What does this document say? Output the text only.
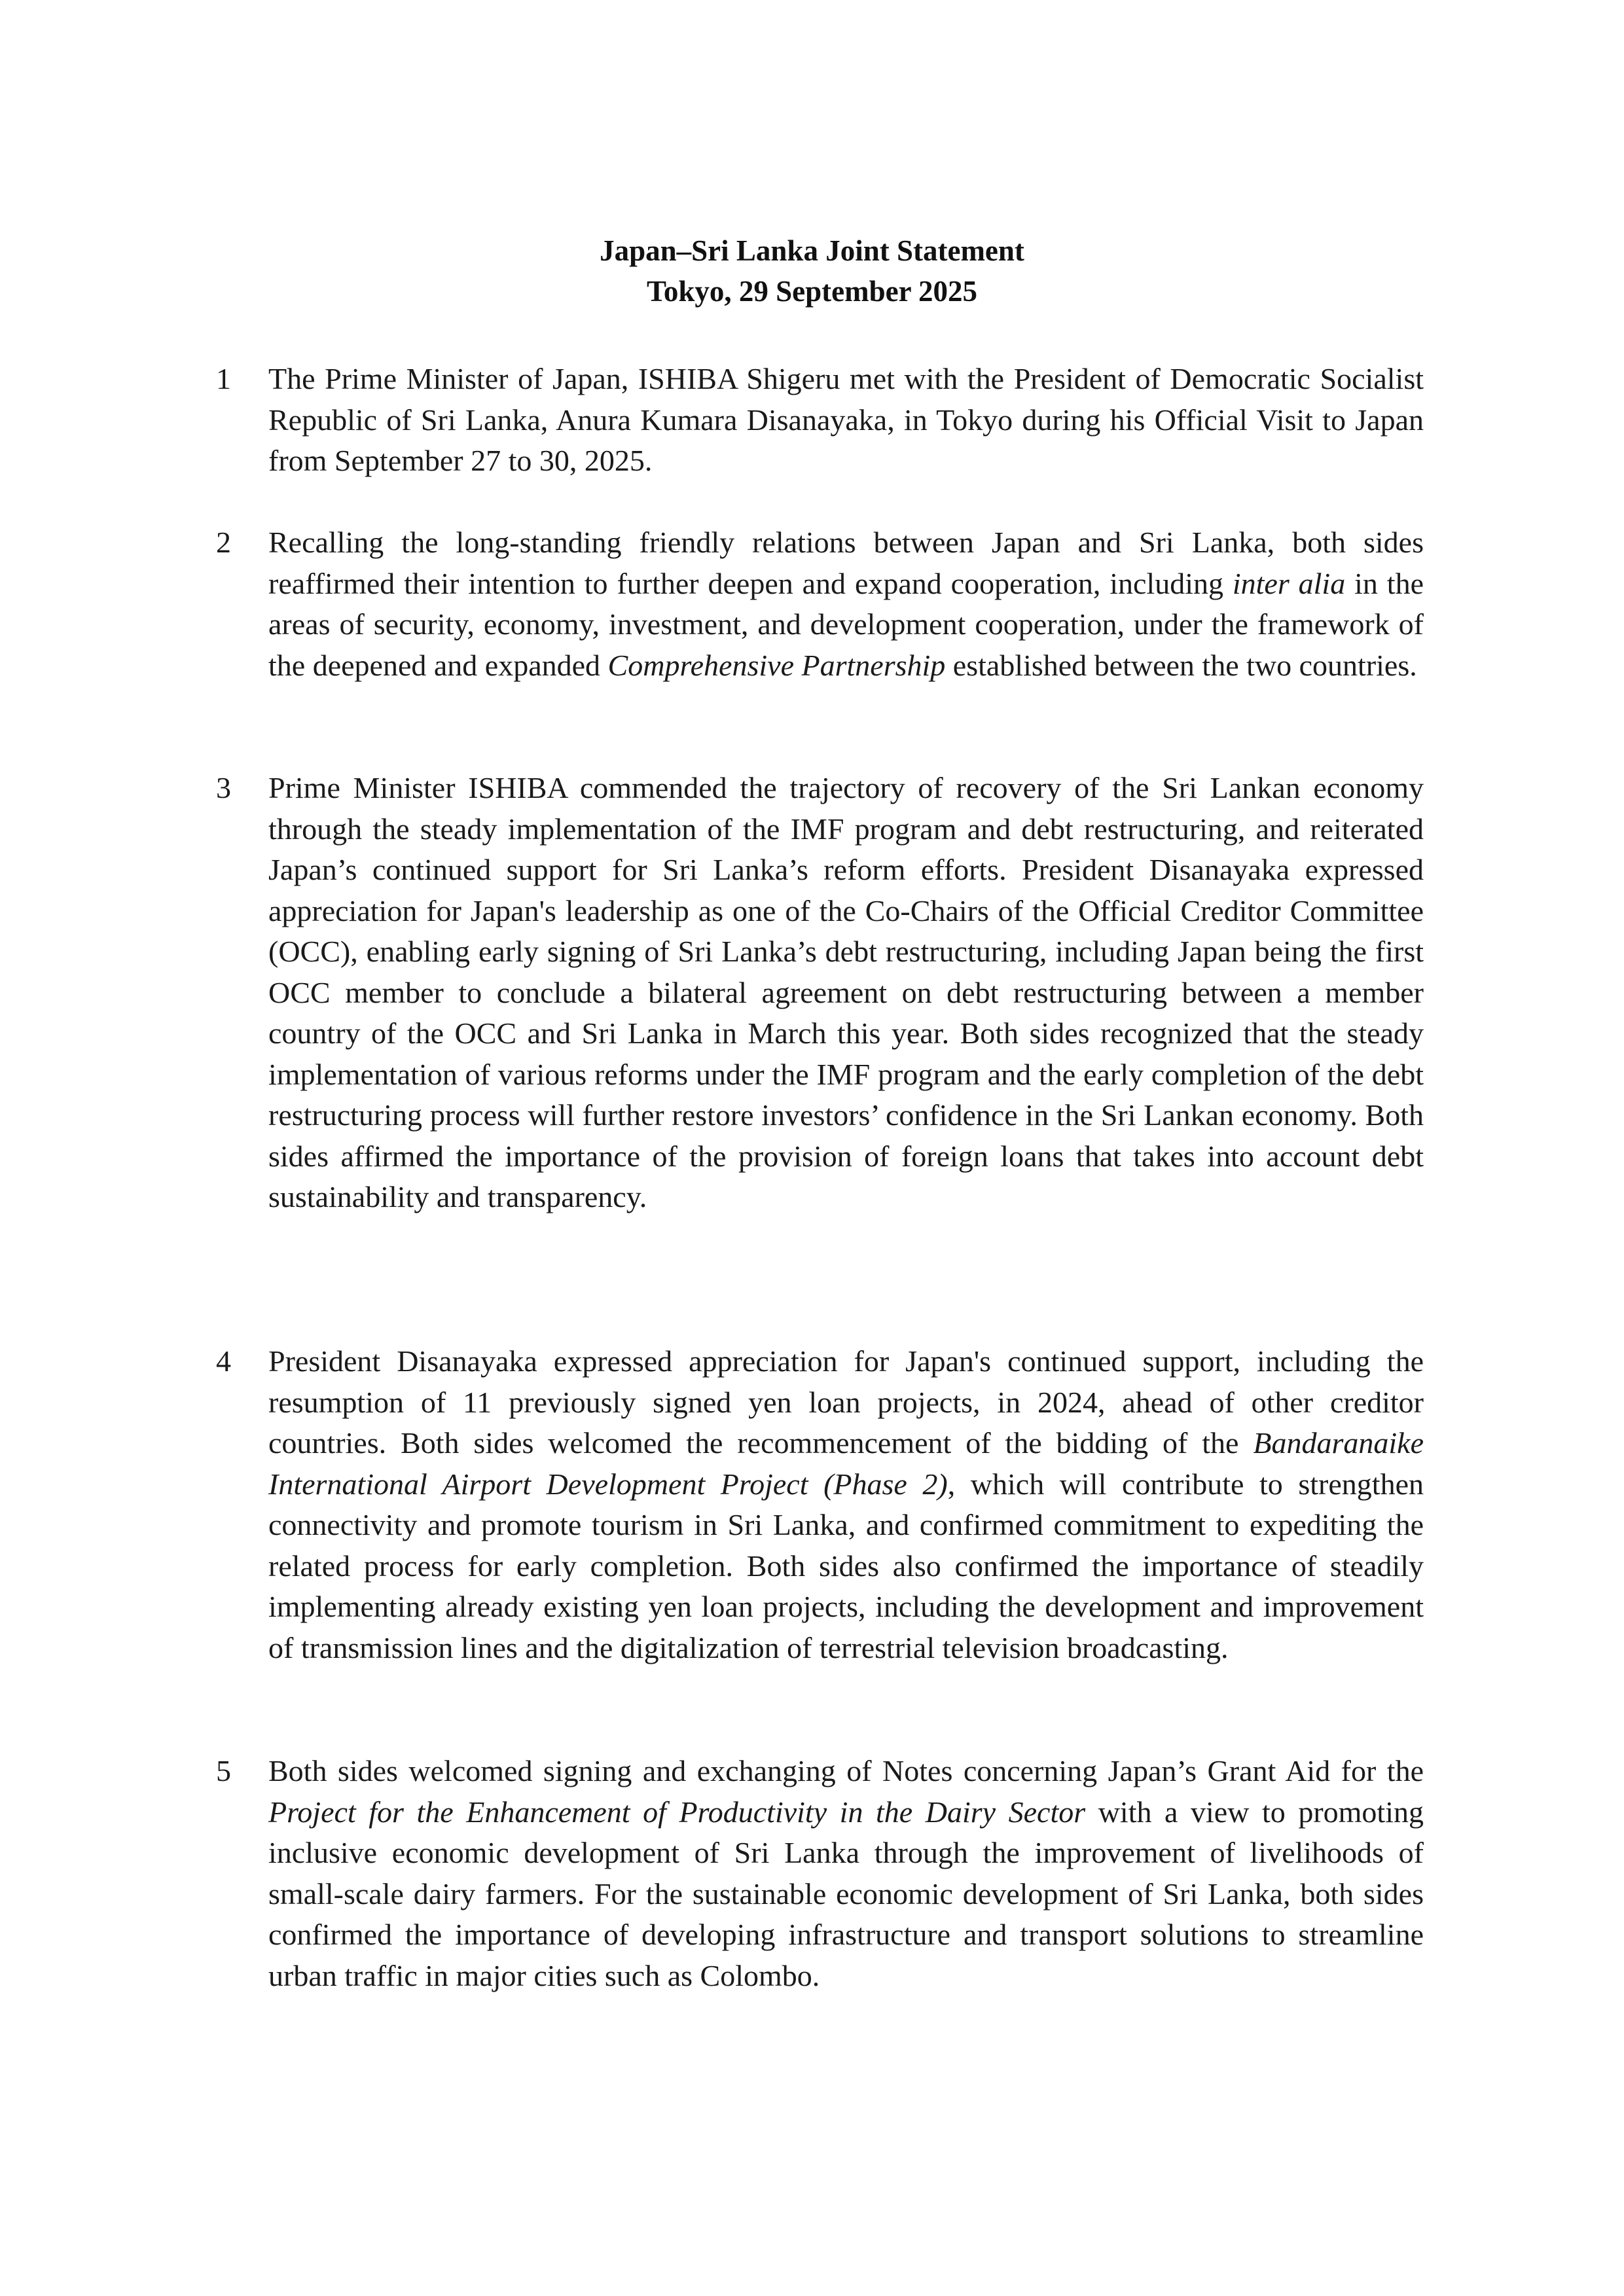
Japan–Sri Lanka Joint Statement
Tokyo, 29 September 2025
1	The Prime Minister of Japan, ISHIBA Shigeru met with the President of Democratic Socialist Republic of Sri Lanka, Anura Kumara Disanayaka, in Tokyo during his Official Visit to Japan from September 27 to 30, 2025.
2	Recalling the long-standing friendly relations between Japan and Sri Lanka, both sides reaffirmed their intention to further deepen and expand cooperation, including inter alia in the areas of security, economy, investment, and development cooperation, under the framework of the deepened and expanded Comprehensive Partnership established between the two countries.
3	Prime Minister ISHIBA commended the trajectory of recovery of the Sri Lankan economy through the steady implementation of the IMF program and debt restructuring, and reiterated Japan’s continued support for Sri Lanka’s reform efforts. President Disanayaka expressed appreciation for Japan's leadership as one of the Co-Chairs of the Official Creditor Committee (OCC), enabling early signing of Sri Lanka’s debt restructuring, including Japan being the first OCC member to conclude a bilateral agreement on debt restructuring between a member country of the OCC and Sri Lanka in March this year. Both sides recognized that the steady implementation of various reforms under the IMF program and the early completion of the debt restructuring process will further restore investors’ confidence in the Sri Lankan economy. Both sides affirmed the importance of the provision of foreign loans that takes into account debt sustainability and transparency.
4	President Disanayaka expressed appreciation for Japan's continued support, including the resumption of 11 previously signed yen loan projects, in 2024, ahead of other creditor countries. Both sides welcomed the recommencement of the bidding of the Bandaranaike International Airport Development Project (Phase 2), which will contribute to strengthen connectivity and promote tourism in Sri Lanka, and confirmed commitment to expediting the related process for early completion. Both sides also confirmed the importance of steadily implementing already existing yen loan projects, including the development and improvement of transmission lines and the digitalization of terrestrial television broadcasting.
5	Both sides welcomed signing and exchanging of Notes concerning Japan’s Grant Aid for the Project for the Enhancement of Productivity in the Dairy Sector with a view to promoting inclusive economic development of Sri Lanka through the improvement of livelihoods of small-scale dairy farmers. For the sustainable economic development of Sri Lanka, both sides confirmed the importance of developing infrastructure and transport solutions to streamline urban traffic in major cities such as Colombo.
